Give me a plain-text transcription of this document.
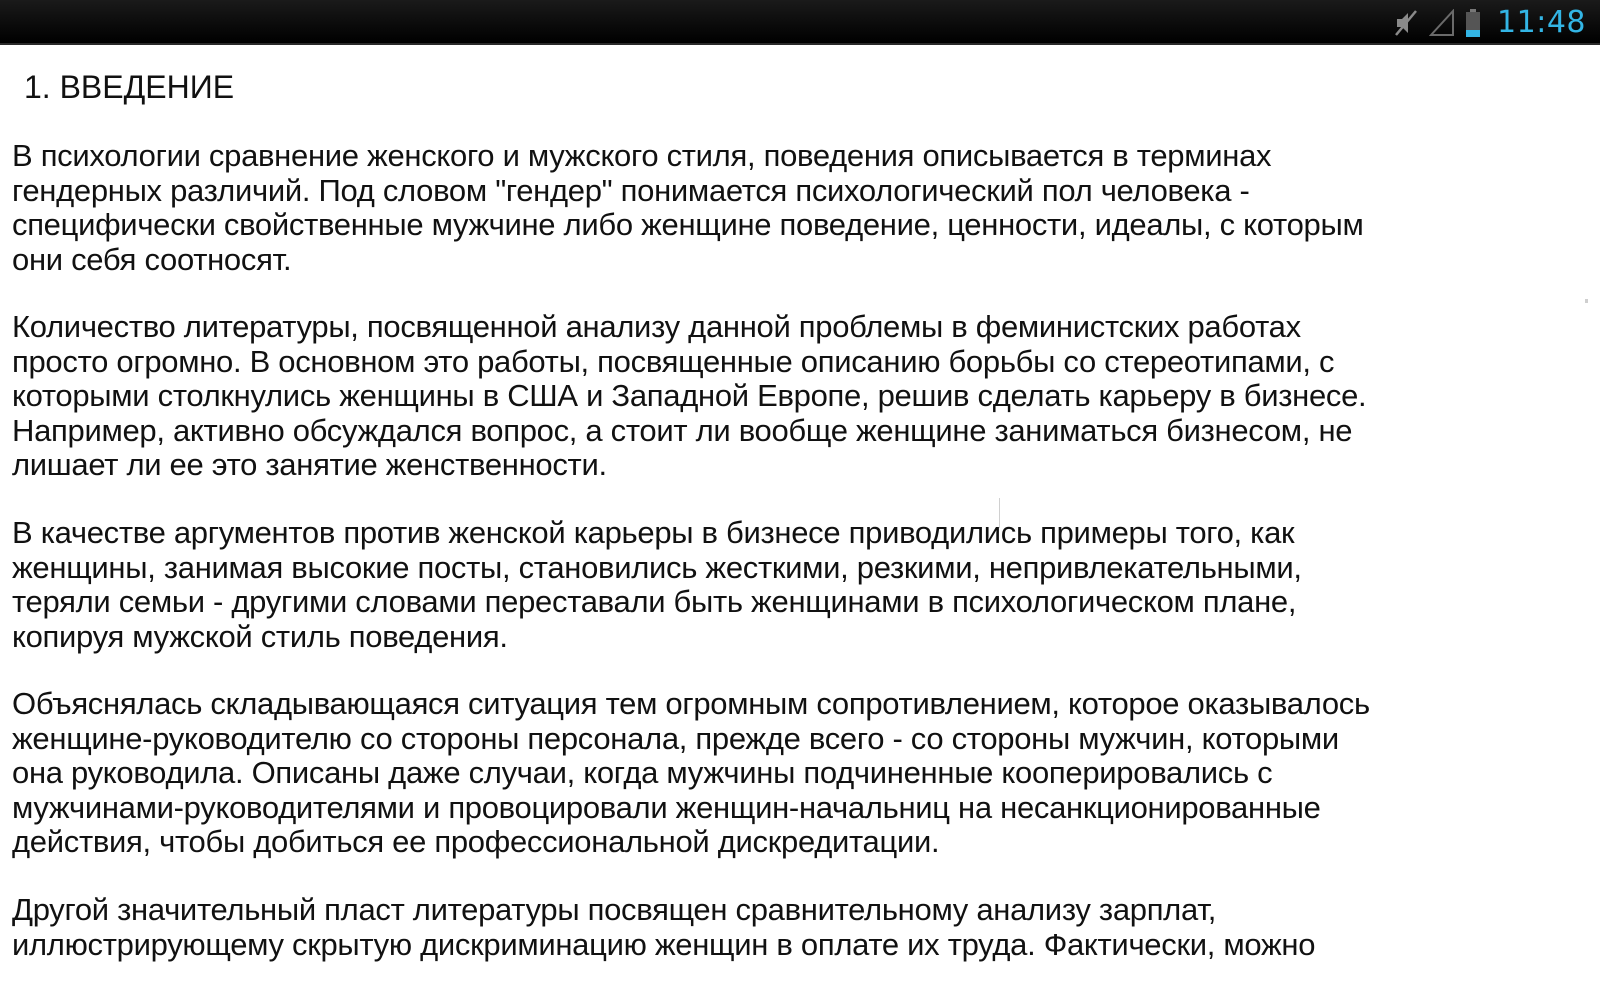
11:48
1. ВВЕДЕНИЕ

В психологии сравнение женского и мужского стиля, поведения описывается в терминах
гендерных различий. Под словом "гендер" понимается психологический пол человека -
специфически свойственные мужчине либо женщине поведение, ценности, идеалы, с которым
они себя соотносят.

Количество литературы, посвященной анализу данной проблемы в феминистских работах
просто огромно. В основном это работы, посвященные описанию борьбы со стереотипами, с
которыми столкнулись женщины в США и Западной Европе, решив сделать карьеру в бизнесе.
Например, активно обсуждался вопрос, а стоит ли вообще женщине заниматься бизнесом, не
лишает ли ее это занятие женственности.

В качестве аргументов против женской карьеры в бизнесе приводились примеры того, как
женщины, занимая высокие посты, становились жесткими, резкими, непривлекательными,
теряли семьи - другими словами переставали быть женщинами в психологическом плане,
копируя мужской стиль поведения.

Объяснялась складывающаяся ситуация тем огромным сопротивлением, которое оказывалось
женщине-руководителю со стороны персонала, прежде всего - со стороны мужчин, которыми
она руководила. Описаны даже случаи, когда мужчины подчиненные кооперировались с
мужчинами-руководителями и провоцировали женщин-начальниц на несанкционированные
действия, чтобы добиться ее профессиональной дискредитации.

Другой значительный пласт литературы посвящен сравнительному анализу зарплат,
иллюстрирующему скрытую дискриминацию женщин в оплате их труда. Фактически, можно
